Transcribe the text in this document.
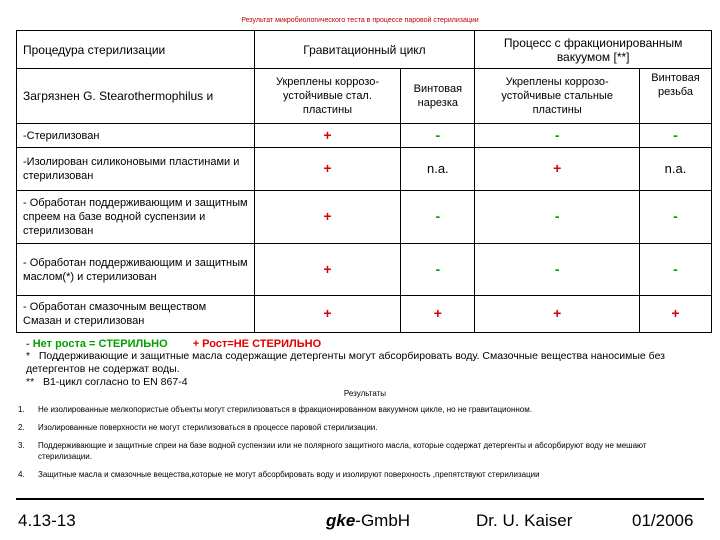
Результат микробиологического теста в процессе паровой стерилизации
Процедура стерилизации	Гравитационный цикл		Процесс с фракционированным вакуумом [**]	
Загрязнен G. Stearothermophilus и	Укреплены коррозо-устойчивые стал. пластины	Винтовая нарезка	Укреплены коррозо-устойчивые стальные пластины	Винтовая резьба
-Стерилизован	+	-	-	-
-Изолирован силиконовыми пластинами и стерилизован	+	n.a.	+	n.a.
- Обработан поддерживающим и защитным спреем на базе водной суспензии и стерилизован	+	-	-	-
- Обработан поддерживающим и защитным маслом(*) и стерилизован	+	-	-	-
- Обработан смазочным веществом Смазан и стерилизован	+	+	+	+
- Нет роста = СТЕРИЛЬНО + Рост=НЕ СТЕРИЛЬНО
* Поддерживающие и защитные масла содержащие детергенты могут абсорбировать воду. Смазочные вещества наносимые без детергентов не содержат воды.
** B1-цикл согласно to EN 867-4
Результаты
1.	Не изолированные мелкопористые объекты могут стерилизоваться в фракционированном вакуумном цикле, но не гравитационном.
2.	Изолированные поверхности не могут стерилизоваться в процессе паровой стерилизации.
3.	Поддерживающие и защитные спреи на базе водной суспензии или не полярного защитного масла, которые содержат детергенты и абсорбируют воду не мешают стерилизации.
4.	Защитные масла и смазочные вещества,которые не могут абсорбировать воду и изолируют поверхность ,препятствуют стерилизации
4.13-13	gke-GmbH	Dr. U. Kaiser	01/2006
